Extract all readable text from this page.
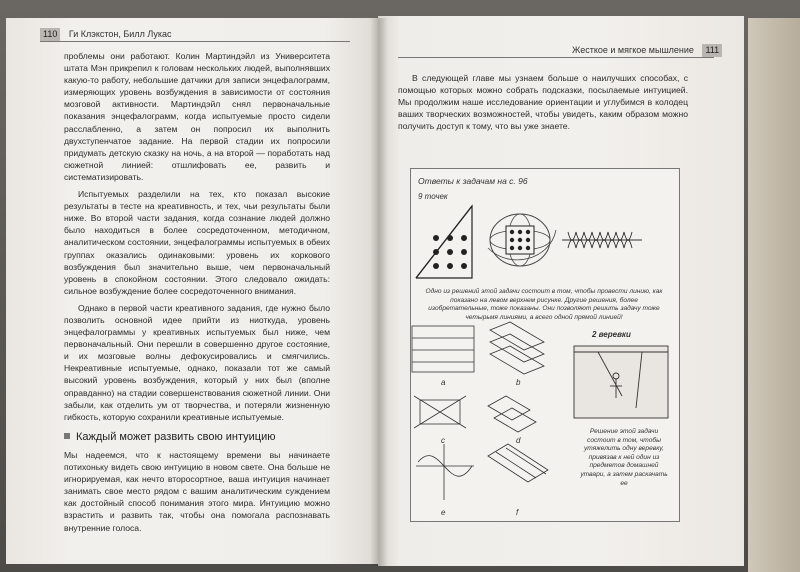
110 Ги Клэкстон, Билл Лукас

проблемы они работают. Колин Мартиндэйл из Университета штата Мэн прикрепил к головам нескольких людей, выполнявших какую-то работу, небольшие датчики для записи энцефалограмм, измеряющих уровень возбуждения в зависимости от состояния мозговой активности. Мартиндэйл снял первоначальные показания энцефалограмм, когда испытуемые просто сидели расслабленно, а затем он попросил их выполнить двухступенчатое задание. На первой стадии их попросили придумать детскую сказку на ночь, а на второй — поработать над сюжетной линией: отшлифовать ее, развить и систематизировать.

Испытуемых разделили на тех, кто показал высокие результаты в тесте на креативность, и тех, чьи результаты были ниже. Во второй части задания, когда сознание людей должно было находиться в более сосредоточенном, методичном, аналитическом состоянии, энцефалограммы испытуемых в обеих группах оказались одинаковыми: уровень их коркового возбуждения был значительно выше, чем первоначальный уровень в спокойном состоянии. Этого следовало ожидать: сильное возбуждение более сосредоточенного внимания.

Однако в первой части креативного задания, где нужно было позволить основной идее прийти из ниоткуда, уровень энцефалограммы у креативных испытуемых был ниже, чем первоначальный. Они перешли в совершенно другое состояние, и их мозговые волны дефокусировались и смягчились. Некреативные испытуемые, однако, показали тот же самый высокий уровень возбуждения, который у них был (вполне оправданно) на стадии совершенствования сюжетной линии. Они забыли, как отделить ум от творчества, и потеряли жизненную гибкость, которую сохранили креативные испытуемые.

Каждый может развить свою интуицию

Мы надеемся, что к настоящему времени вы начинаете потихоньку видеть свою интуицию в новом свете. Она больше не игнорируемая, как нечто второсортное, ваша интуиция начинает занимать свое место рядом с вашим аналитическим суждением как достойный способ понимания этого мира. Интуицию можно взрастить и развить так, чтобы она помогала распознавать внутренние голоса.

Жесткое и мягкое мышление 111

В следующей главе мы узнаем больше о наилучших способах, с помощью которых можно собрать подсказки, посылаемые интуицией. Мы продолжим наше исследование ориентации и углубимся в колодец ваших творческих возможностей, чтобы увидеть, каким образом можно получить доступ к тому, что вы уже знаете.

Ответы к задачам на с. 96
9 точек
Одно из решений этой задачи состоит в том, чтобы провести линию, как показано на левом верхнем рисунке. Другие решения, более изобретательные, тоже показаны. Они позволяют решить задачу тоже четырьмя линиями, а всего одной прямой линией!
2 веревки
Решение этой задачи состоит в том, чтобы утяжелить одну веревку, привязав к ней один из предметов домашней утвари, а затем раскачать ее
a	b
c	d
e	f
